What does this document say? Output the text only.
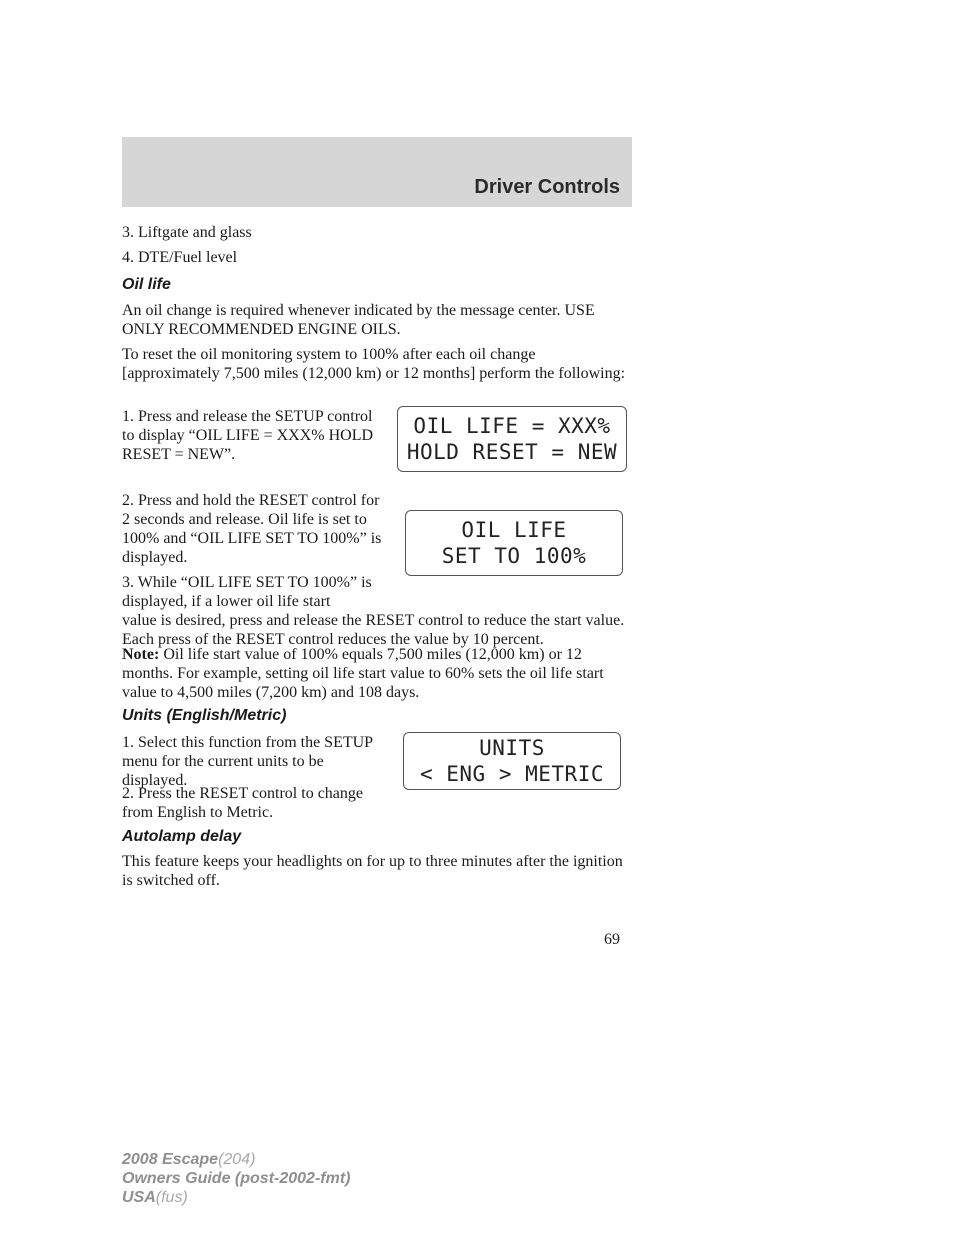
Driver Controls

3. Liftgate and glass

4. DTE/Fuel level

Oil life

An oil change is required whenever indicated by the message center. USE ONLY RECOMMENDED ENGINE OILS.

To reset the oil monitoring system to 100% after each oil change [approximately 7,500 miles (12,000 km) or 12 months] perform the following:

1. Press and release the SETUP control to display “OIL LIFE = XXX% HOLD RESET = NEW”.

OIL LIFE = XXX%
HOLD RESET = NEW

2. Press and hold the RESET control for 2 seconds and release. Oil life is set to 100% and “OIL LIFE SET TO 100%” is displayed.

OIL LIFE
SET TO 100%

3. While “OIL LIFE SET TO 100%” is displayed, if a lower oil life start

value is desired, press and release the RESET control to reduce the start value. Each press of the RESET control reduces the value by 10 percent.

Note: Oil life start value of 100% equals 7,500 miles (12,000 km) or 12 months. For example, setting oil life start value to 60% sets the oil life start value to 4,500 miles (7,200 km) and 108 days.

Units (English/Metric)

1. Select this function from the SETUP menu for the current units to be displayed.

UNITS
< ENG > METRIC

2. Press the RESET control to change from English to Metric.

Autolamp delay

This feature keeps your headlights on for up to three minutes after the ignition is switched off.

69
2008 Escape(204)
Owners Guide (post-2002-fmt)
USA(fus)
